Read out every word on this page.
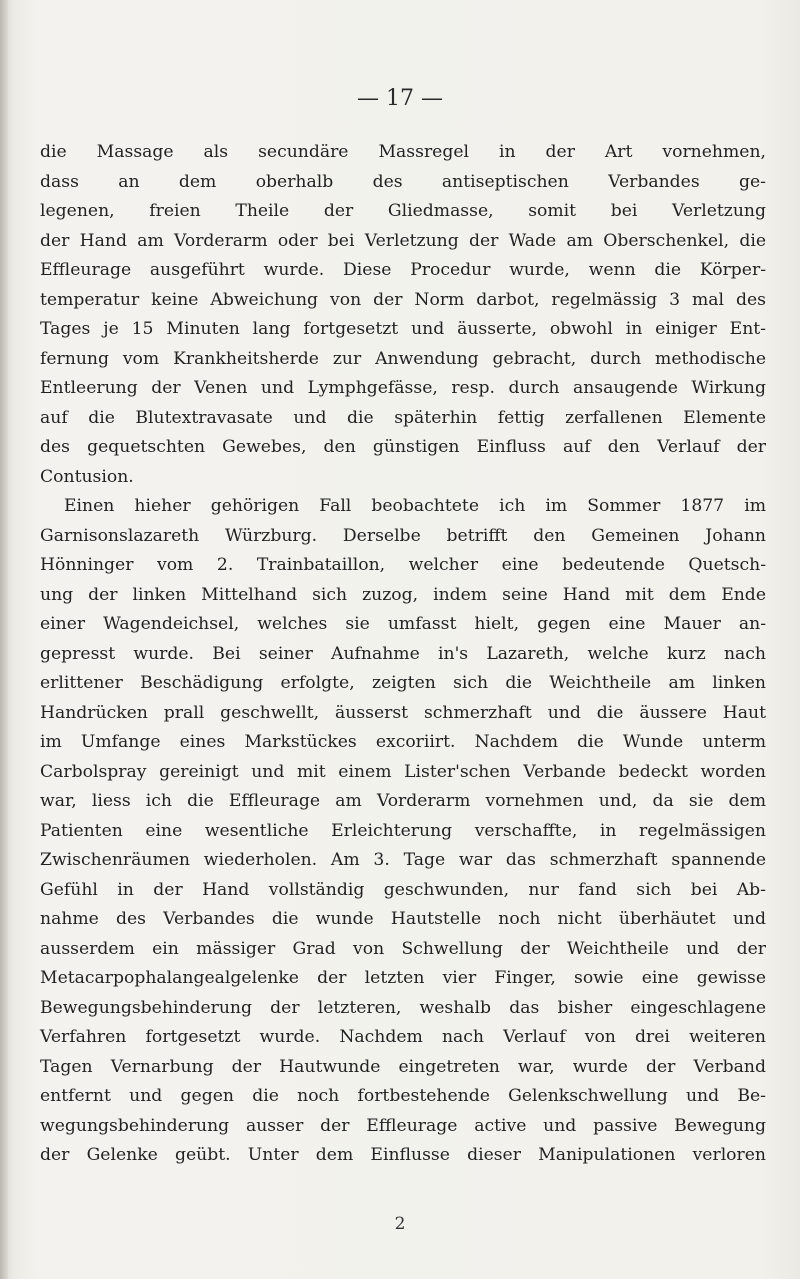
— 17 —
die Massage als secundäre Massregel in der Art vornehmen,
dass an dem oberhalb des antiseptischen Verbandes ge-
legenen, freien Theile der Gliedmasse, somit bei Verletzung
der Hand am Vorderarm oder bei Verletzung der Wade am Oberschenkel, die
Effleurage ausgeführt wurde. Diese Procedur wurde, wenn die Körper-
temperatur keine Abweichung von der Norm darbot, regelmässig 3 mal des
Tages je 15 Minuten lang fortgesetzt und äusserte, obwohl in einiger Ent-
fernung vom Krankheitsherde zur Anwendung gebracht, durch methodische
Entleerung der Venen und Lymphgefässe, resp. durch ansaugende Wirkung
auf die Blutextravasate und die späterhin fettig zerfallenen Elemente
des gequetschten Gewebes, den günstigen Einfluss auf den Verlauf der
Contusion.
Einen hieher gehörigen Fall beobachtete ich im Sommer 1877 im
Garnisonslazareth Würzburg. Derselbe betrifft den Gemeinen Johann
Hönninger vom 2. Trainbataillon, welcher eine bedeutende Quetsch-
ung der linken Mittelhand sich zuzog, indem seine Hand mit dem Ende
einer Wagendeichsel, welches sie umfasst hielt, gegen eine Mauer an-
gepresst wurde. Bei seiner Aufnahme in's Lazareth, welche kurz nach
erlittener Beschädigung erfolgte, zeigten sich die Weichtheile am linken
Handrücken prall geschwellt, äusserst schmerzhaft und die äussere Haut
im Umfange eines Markstückes excoriirt. Nachdem die Wunde unterm
Carbolspray gereinigt und mit einem Lister'schen Verbande bedeckt worden
war, liess ich die Effleurage am Vorderarm vornehmen und, da sie dem
Patienten eine wesentliche Erleichterung verschaffte, in regelmässigen
Zwischenräumen wiederholen. Am 3. Tage war das schmerzhaft spannende
Gefühl in der Hand vollständig geschwunden, nur fand sich bei Ab-
nahme des Verbandes die wunde Hautstelle noch nicht überhäutet und
ausserdem ein mässiger Grad von Schwellung der Weichtheile und der
Metacarpophalangealgelenke der letzten vier Finger, sowie eine gewisse
Bewegungsbehinderung der letzteren, weshalb das bisher eingeschlagene
Verfahren fortgesetzt wurde. Nachdem nach Verlauf von drei weiteren
Tagen Vernarbung der Hautwunde eingetreten war, wurde der Verband
entfernt und gegen die noch fortbestehende Gelenkschwellung und Be-
wegungsbehinderung ausser der Effleurage active und passive Bewegung
der Gelenke geübt. Unter dem Einflusse dieser Manipulationen verloren
2
